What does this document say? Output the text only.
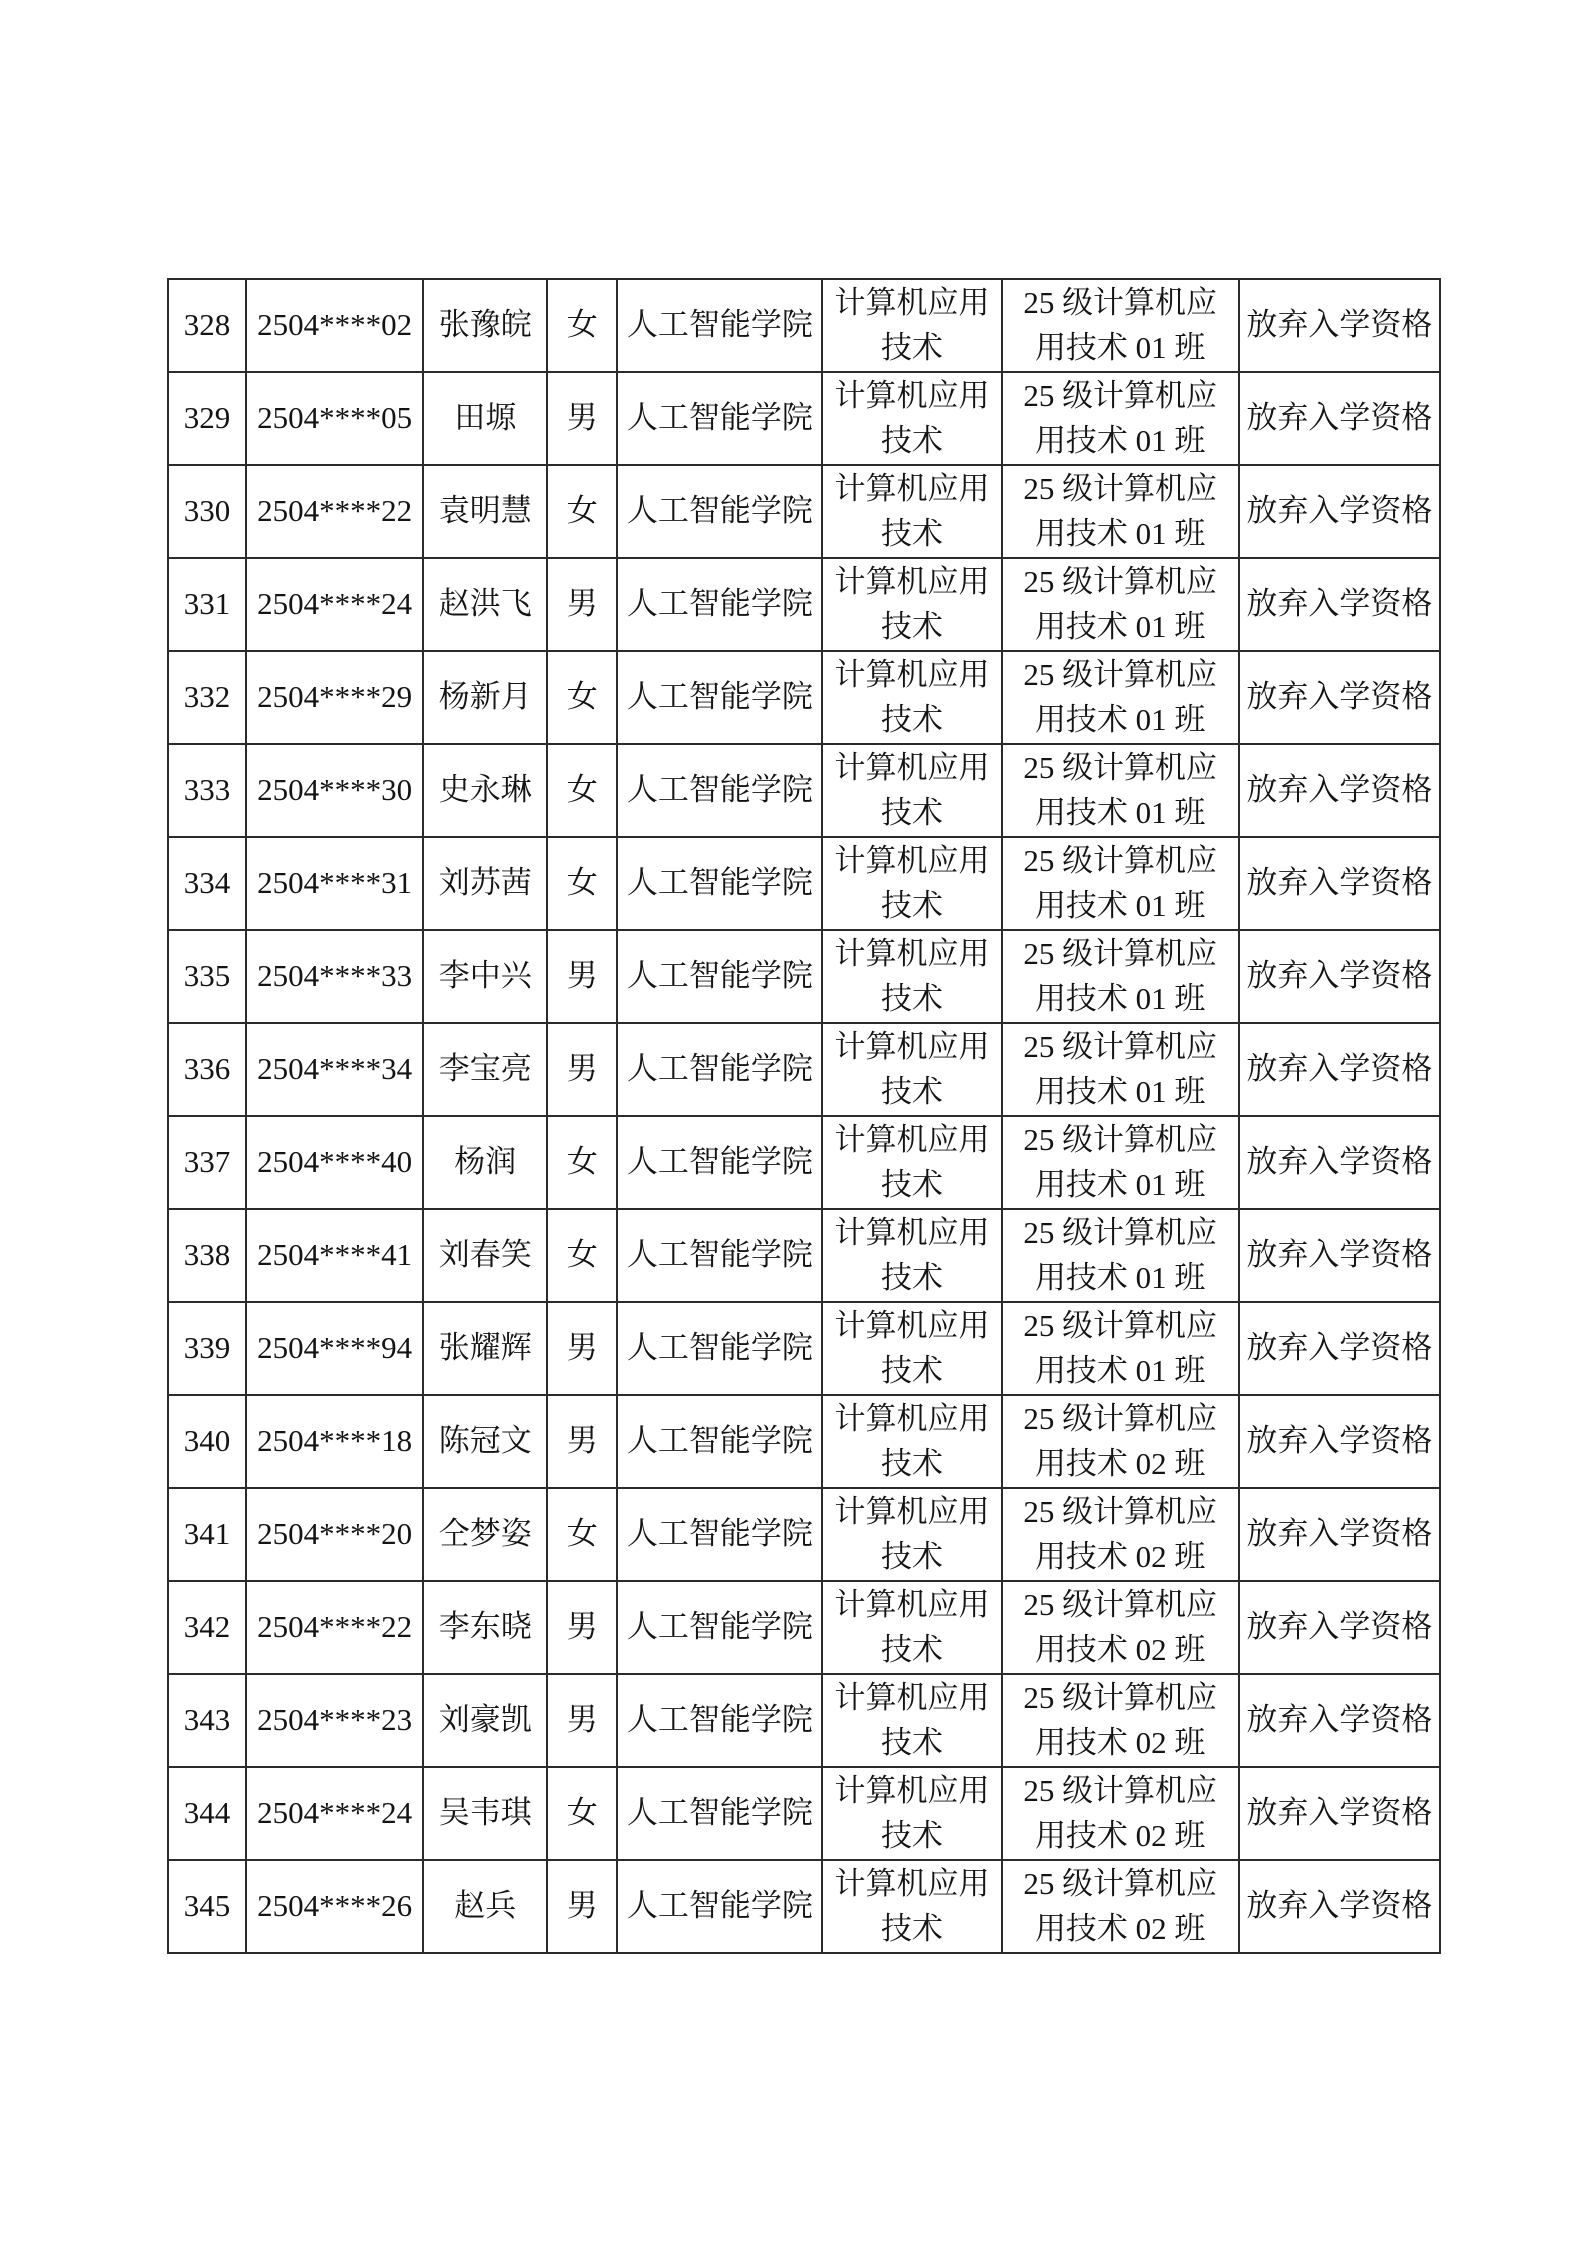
328	2504****02	张豫皖	女	人工智能学院	计算机应用技术	25 级计算机应用技术 01 班	放弃入学资格
329	2504****05	田塬	男	人工智能学院	计算机应用技术	25 级计算机应用技术 01 班	放弃入学资格
330	2504****22	袁明慧	女	人工智能学院	计算机应用技术	25 级计算机应用技术 01 班	放弃入学资格
331	2504****24	赵洪飞	男	人工智能学院	计算机应用技术	25 级计算机应用技术 01 班	放弃入学资格
332	2504****29	杨新月	女	人工智能学院	计算机应用技术	25 级计算机应用技术 01 班	放弃入学资格
333	2504****30	史永琳	女	人工智能学院	计算机应用技术	25 级计算机应用技术 01 班	放弃入学资格
334	2504****31	刘苏茜	女	人工智能学院	计算机应用技术	25 级计算机应用技术 01 班	放弃入学资格
335	2504****33	李中兴	男	人工智能学院	计算机应用技术	25 级计算机应用技术 01 班	放弃入学资格
336	2504****34	李宝亮	男	人工智能学院	计算机应用技术	25 级计算机应用技术 01 班	放弃入学资格
337	2504****40	杨润	女	人工智能学院	计算机应用技术	25 级计算机应用技术 01 班	放弃入学资格
338	2504****41	刘春笑	女	人工智能学院	计算机应用技术	25 级计算机应用技术 01 班	放弃入学资格
339	2504****94	张耀辉	男	人工智能学院	计算机应用技术	25 级计算机应用技术 01 班	放弃入学资格
340	2504****18	陈冠文	男	人工智能学院	计算机应用技术	25 级计算机应用技术 02 班	放弃入学资格
341	2504****20	仝梦姿	女	人工智能学院	计算机应用技术	25 级计算机应用技术 02 班	放弃入学资格
342	2504****22	李东晓	男	人工智能学院	计算机应用技术	25 级计算机应用技术 02 班	放弃入学资格
343	2504****23	刘豪凯	男	人工智能学院	计算机应用技术	25 级计算机应用技术 02 班	放弃入学资格
344	2504****24	吴韦琪	女	人工智能学院	计算机应用技术	25 级计算机应用技术 02 班	放弃入学资格
345	2504****26	赵兵	男	人工智能学院	计算机应用技术	25 级计算机应用技术 02 班	放弃入学资格
